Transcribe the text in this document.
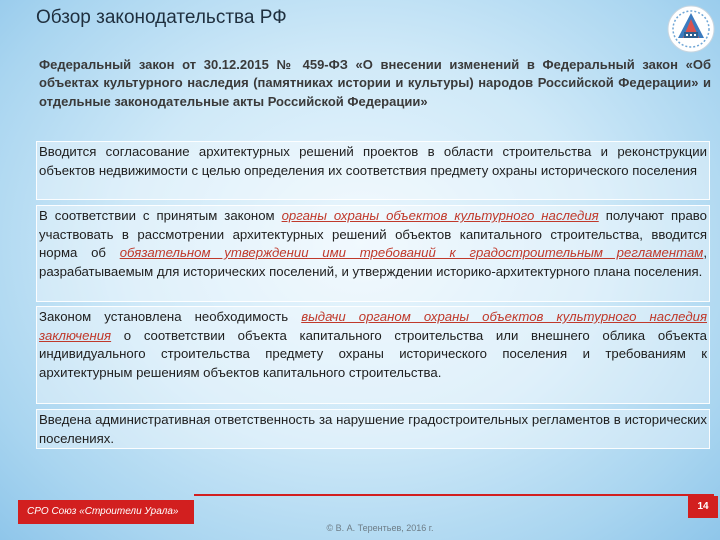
Обзор законодательства РФ
Федеральный закон от 30.12.2015 № 459-ФЗ «О внесении изменений в Федеральный закон «Об объектах культурного наследия (памятниках истории и культуры) народов Российской Федерации» и отдельные законодательные акты Российской Федерации»
Вводится согласование архитектурных решений проектов в области строительства и реконструкции объектов недвижимости с целью определения их соответствия предмету охраны исторического поселения
В соответствии с принятым законом органы охраны объектов культурного наследия получают право участвовать в рассмотрении архитектурных решений объектов капитального строительства, вводится норма об обязательном утверждении ими требований к градостроительным регламентам, разрабатываемым для исторических поселений, и утверждении историко-архитектурного плана поселения.
Законом установлена необходимость выдачи органом охраны объектов культурного наследия заключения о соответствии объекта капитального строительства или внешнего облика объекта индивидуального строительства предмету охраны исторического поселения и требованиям к архитектурным решениям объектов капитального строительства.
Введена административная ответственность за нарушение градостроительных регламентов в исторических поселениях.
СРО Союз «Строители Урала»	14
© В. А. Терентьев, 2016 г.
